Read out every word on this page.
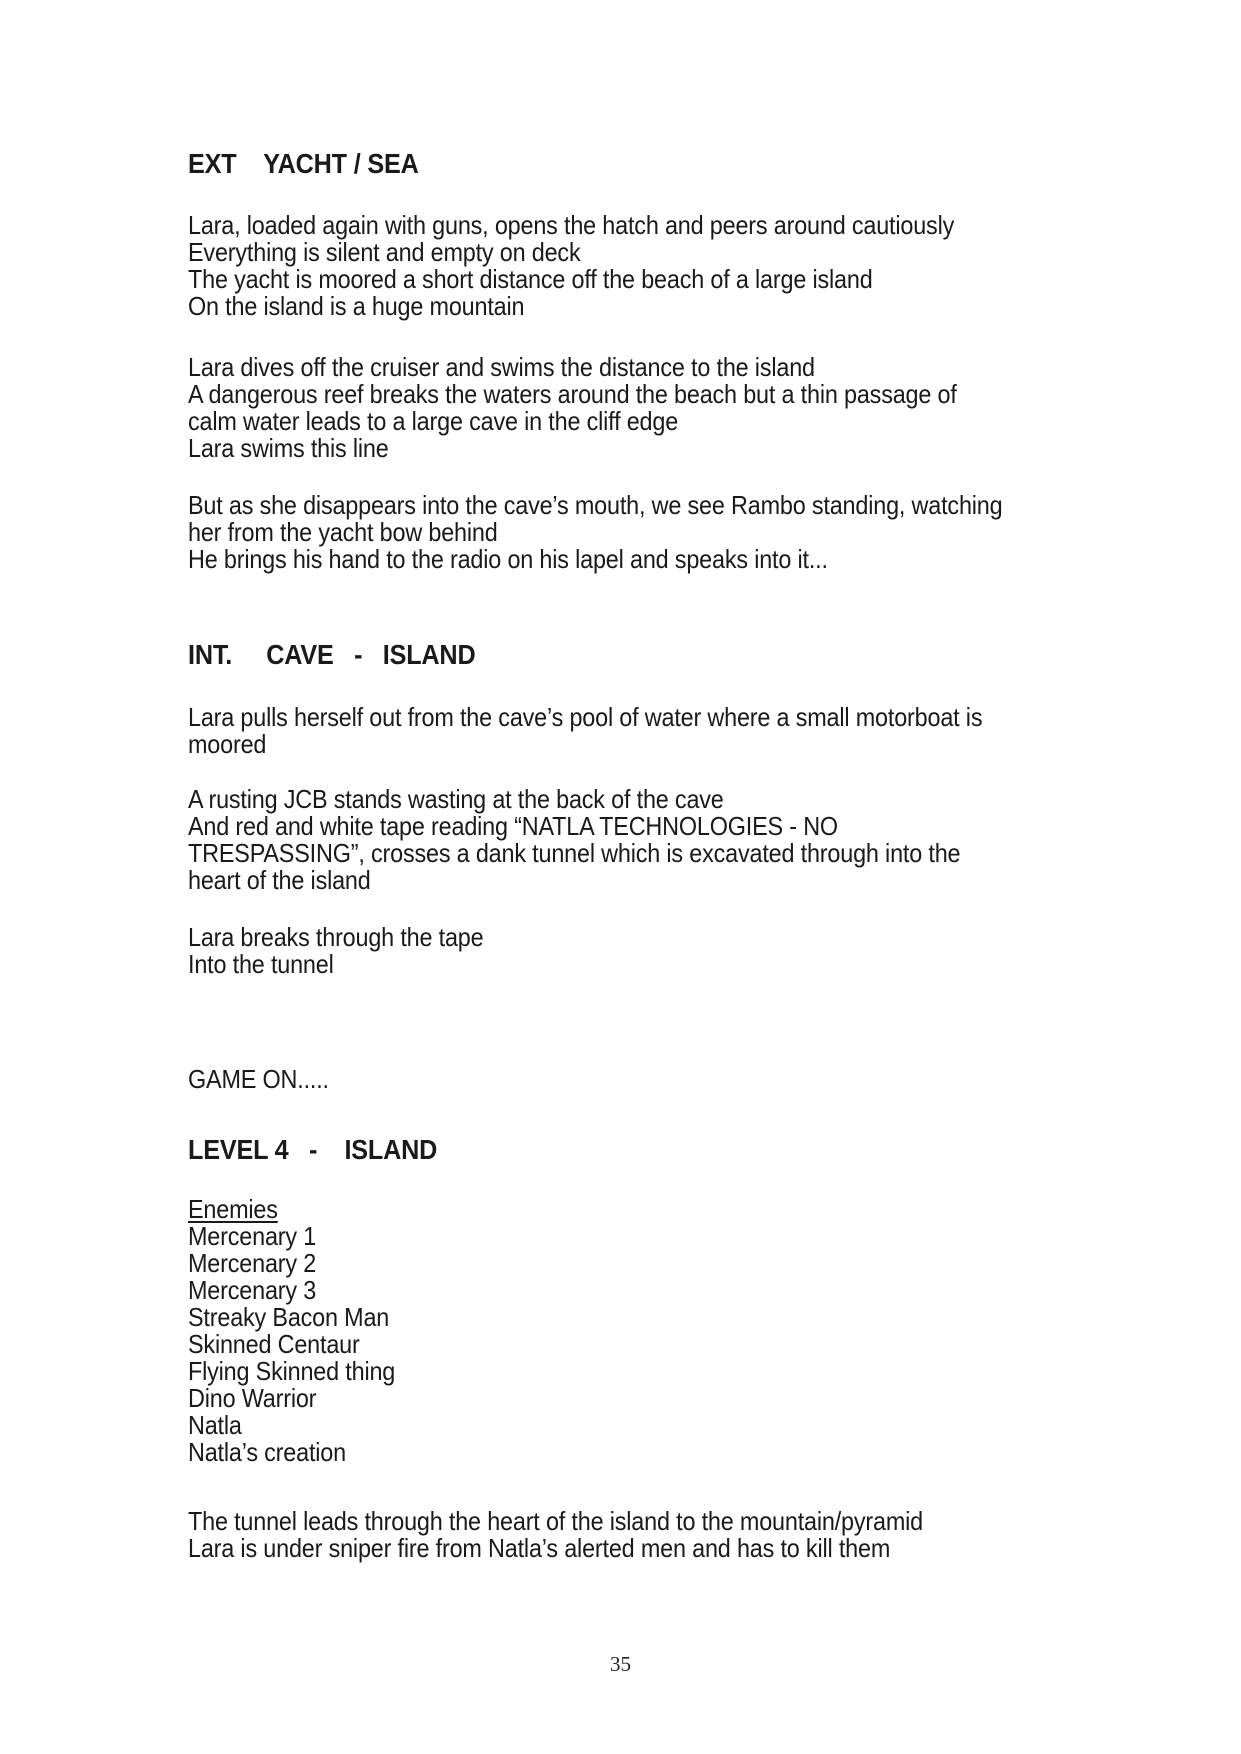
EXT    YACHT / SEA
Lara, loaded again with guns, opens the hatch and peers around cautiously
Everything is silent and empty on deck
The yacht is moored a short distance off the beach of a large island
On the island is a huge mountain
Lara dives off the cruiser and swims the distance to the island
A dangerous reef breaks the waters around the beach but a thin passage of
calm water leads to a large cave in the cliff edge
Lara swims this line
But as she disappears into the cave’s mouth, we see Rambo standing, watching
her from the yacht bow behind
He brings his hand to the radio on his lapel and speaks into it...
INT.     CAVE   -   ISLAND
Lara pulls herself out from the cave’s pool of water where a small motorboat is
moored
A rusting JCB stands wasting at the back of the cave
And red and white tape reading “NATLA TECHNOLOGIES - NO
TRESPASSING”, crosses a dank tunnel which is excavated through into the
heart of the island
Lara breaks through the tape
Into the tunnel
GAME ON.....
LEVEL 4   -    ISLAND
Enemies
Mercenary 1
Mercenary 2
Mercenary 3
Streaky Bacon Man
Skinned Centaur
Flying Skinned thing
Dino Warrior
Natla
Natla’s creation
The tunnel leads through the heart of the island to the mountain/pyramid
Lara is under sniper fire from Natla’s alerted men and has to kill them
35
